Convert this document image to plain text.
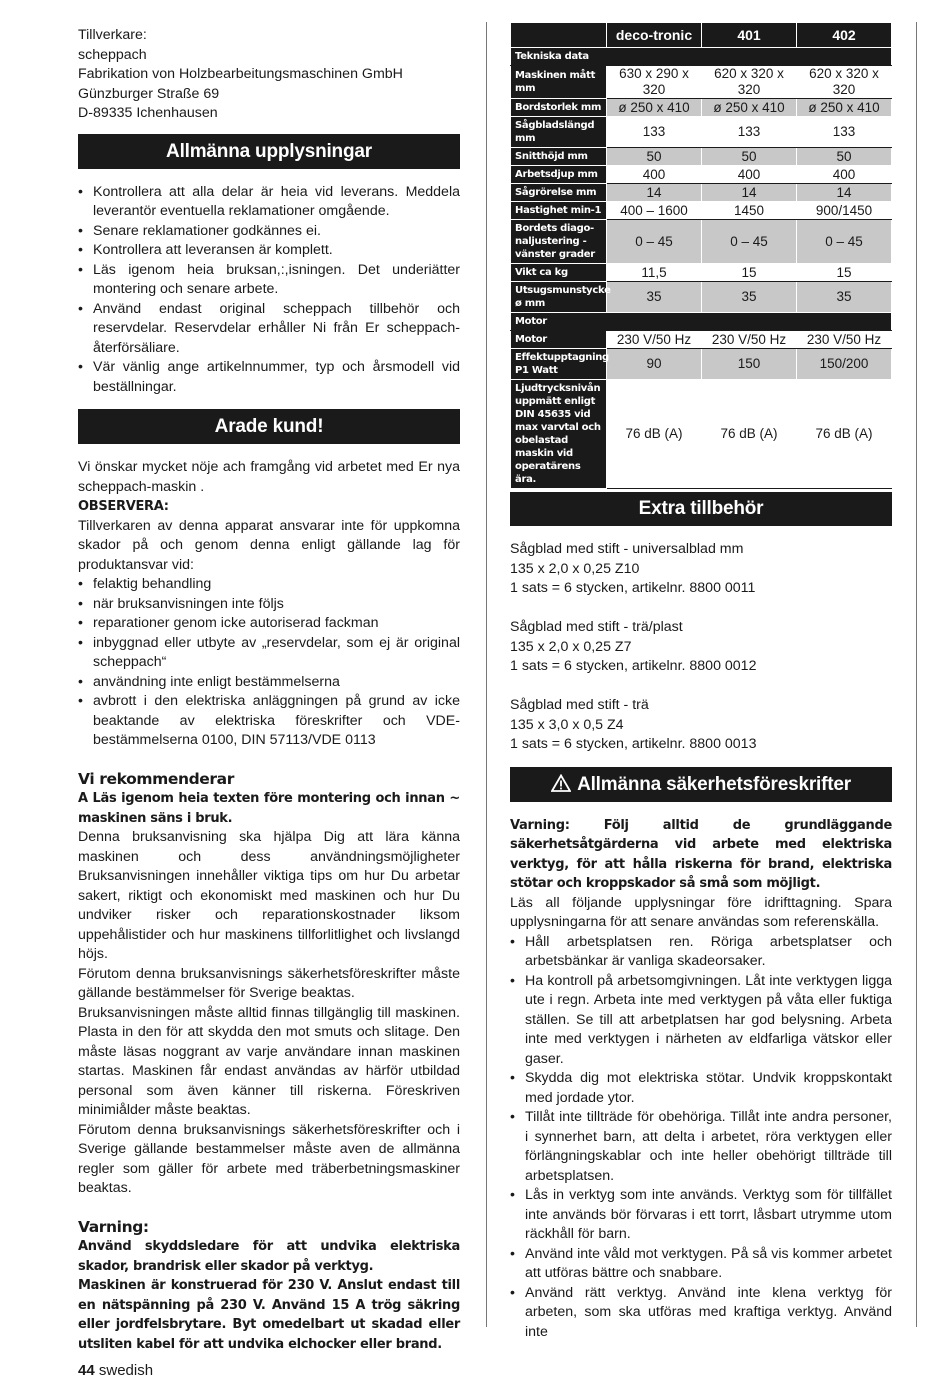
Tillverkare:

scheppach

Fabrikation von Holzbearbeitungsmaschinen GmbH

Günzburger Straße 69

D-89335 Ichenhausen

Allmänna upplysningar
• Kontrollera att alla delar är heia vid leverans. Meddela leverantör eventuella reklamationer omgående.
• Senare reklamationer godkännes ei.
• Kontrollera att leveransen är komplett.
• Läs igenom heia bruksan,:,isningen. Det underiätter montering och senare arbete.
• Använd endast original scheppach tillbehör och reservdelar. Reservdelar erhåller Ni från Er scheppach-återförsäliare.
• Vär vänlig ange artikelnnummer, typ och årsmodell vid beställningar.
Arade kund!

Vi önskar mycket nöje ach framgång vid arbetet med Er nya scheppach-maskin .

OBSERVERA:

Tillverkaren av denna apparat ansvarar inte för uppkomna skador på och genom denna enligt gällande lag för produktansvar vid:

• felaktig behandling
• när bruksanvisningen inte följs
• reparationer genom icke autoriserad fackman
• inbyggnad eller utbyte av „reservdelar, som ej är original scheppach“
• användning inte enligt bestämmelserna
• avbrott i den elektriska anläggningen på grund av icke beaktande av elektriska föreskrifter och VDE-bestämmelserna 0100, DIN 57113/VDE 0113

Vi rekommenderar

A Läs igenom heia texten före montering och innan ~ maskinen säns i bruk.

Denna bruksanvisning ska hjälpa Dig att lära känna maskinen och dess användningsmöjligheter Bruksanvisningen innehåller viktiga tips om hur Du arbetar sakert, riktigt och ekonomiskt med maskinen och hur Du undviker risker och reparationskostnader liksom uppehålistider och hur maskinens tillforlitlighet och livslangd höjs.

Förutom denna bruksanvisnings säkerhetsföreskrifter måste gällande bestämmelser för Sverige beaktas.

Bruksanvisningen måste alltid finnas tillgänglig till maskinen. Plasta in den för att skydda den mot smuts och slitage. Den måste läsas noggrant av varje användare innan maskinen startas. Maskinen får endast användas av härför utbildad personal som även känner till riskerna. Föreskriven minimiålder måste beaktas.

Förutom denna bruksanvisnings säkerhetsföreskrifter och i Sverige gällande bestammelser måste aven de allmänna regler som gäller för arbete med träberbetningsmaskiner beaktas.

Varning:

Använd skyddsledare för att undvika elektriska skador, brandrisk eller skador på verktyg.

Maskinen är konstruerad för 230 V. Anslut endast till en nätspänning på 230 V. Använd 15 A trög säkring eller jordfelsbrytare. Byt omedelbart ut skadad eller utsliten kabel för att undvika elchocker eller brand.

	deco-tronic	401	402
Tekniska data			
Maskinen mått mm	630 x 290 x 320	620 x 320 x 320	620 x 320 x 320
Bordstorlek mm	ø 250 x 410	ø 250 x 410	ø 250 x 410
Sågbladslängd mm	133	133	133
Snitthöjd mm	50	50	50
Arbetsdjup mm	400	400	400
Sågrörelse mm	14	14	14
Hastighet min-1	400 – 1600	1450	900/1450
Bordets diago-naljustering - vänster grader	0 – 45	0 – 45	0 – 45
Vikt ca kg	11,5	15	15
Utsugsmunstycke ø mm	35	35	35
Motor			
Motor	230 V/50 Hz	230 V/50 Hz	230 V/50 Hz
Effektupptagning P1 Watt	90	150	150/200
Ljudtrycksnivån uppmätt enligt DIN 45635 vid max varvtal och obelastad maskin vid operatärens ära.	76 dB (A)	76 dB (A)	76 dB (A)
Extra tillbehör

Sågblad med stift - universalblad mm

135 x 2,0 x 0,25 Z10

1 sats = 6 stycken, artikelnr. 8800 0011

Sågblad med stift - trä/plast

135 x 2,0 x 0,25 Z7

1 sats = 6 stycken, artikelnr. 8800 0012

Sågblad med stift - trä

135 x 3,0 x 0,5 Z4

1 sats = 6 stycken, artikelnr. 8800 0013

Allmänna säkerhetsföreskrifter

Varning: Följ alltid de grundläggande säkerhetsåtgärderna vid arbete med elektriska verktyg, för att hålla riskerna för brand, elektriska stötar och kroppskador så små som möjligt.

Läs all följande upplysningar före idrifttagning. Spara upplysningarna för att senare användas som referenskälla.

• Håll arbetsplatsen ren. Röriga arbetsplatser och arbetsbänkar är vanliga skadeorsaker.
• Ha kontroll på arbetsomgivningen. Låt inte verktygen ligga ute i regn. Arbeta inte med verktygen på våta eller fuktiga ställen. Se till att arbetplatsen har god belysning. Arbeta inte med verktygen i närheten av eldfarliga vätskor eller gaser.
• Skydda dig mot elektriska stötar. Undvik kroppskontakt med jordade ytor.
• Tillåt inte tillträde för obehöriga. Tillåt inte andra personer, i synnerhet barn, att delta i arbetet, röra verktygen eller förlängningskablar och inte heller obehörigt tillträde till arbetsplatsen.
• Lås in verktyg som inte används. Verktyg som för tillfället inte används bör förvaras i ett torrt, låsbart utrymme utom räckhåll för barn.
• Använd inte våld mot verktygen. På så vis kommer arbetet att utföras bättre och snabbare.
• Använd rätt verktyg. Använd inte klena verktyg för arbeten, som ska utföras med kraftiga verktyg. Använd inte
44 swedish
